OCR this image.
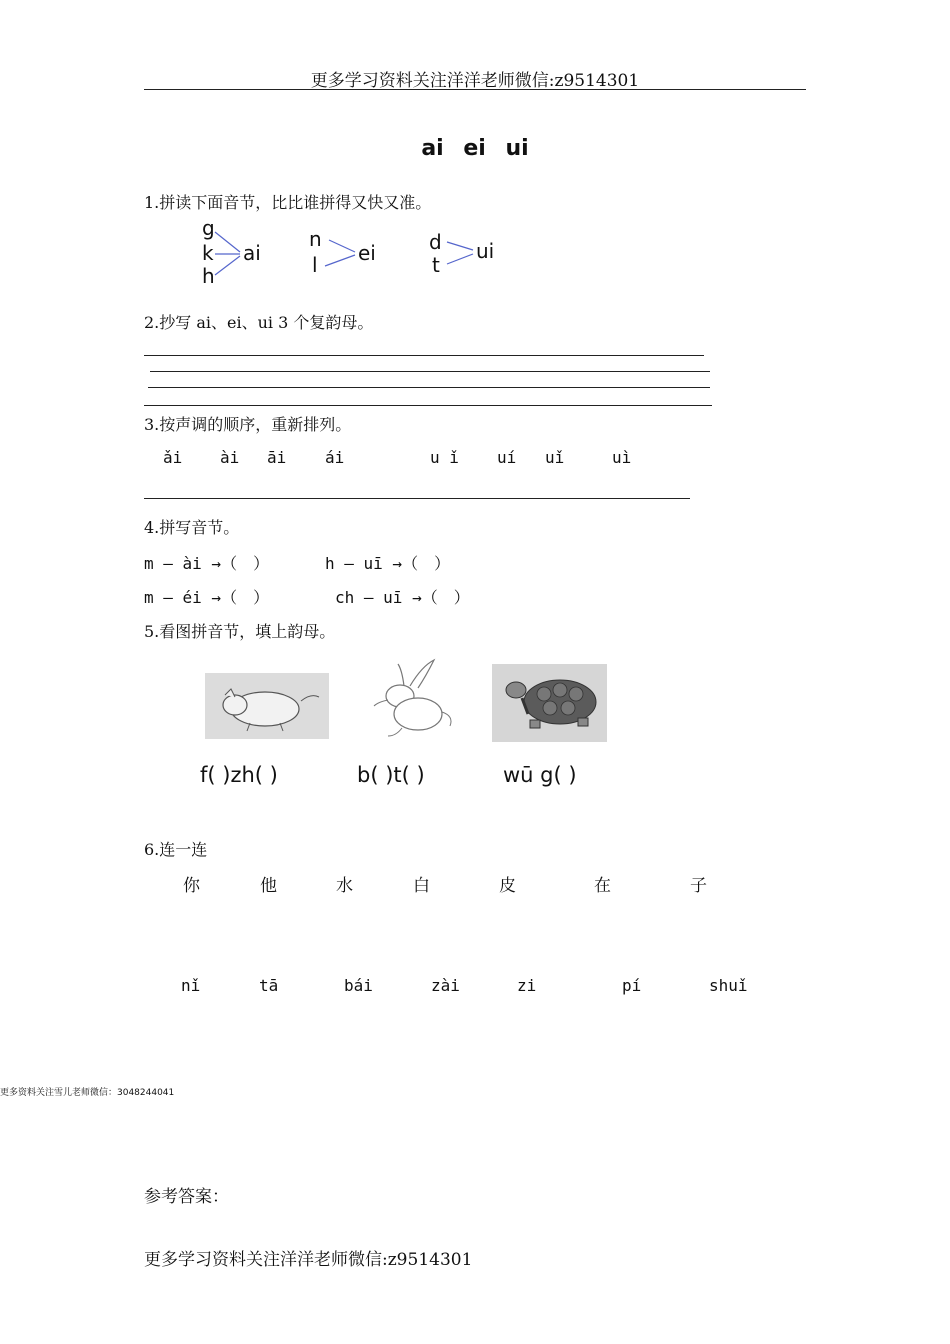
更多学习资料关注洋洋老师微信:z9514301
ai ei ui
1.拼读下面音节，比比谁拼得又快又准。
g
k
h
ai
n
l ei	d
t
ui
2.抄写 ai、ei、ui 3 个复韵母。
3.按声调的顺序，重新排列。
ǎi ài āi ái	u ǐ uí uǐ	uì
4.拼写音节。
m — ài →（　）	h — uī →（　）
m — éi →（　）	ch — uī →（　）
5.看图拼音节，填上韵母。
f( )zh( )	b( )t( )	wū g( )
6.连一连
你	他	水	白	皮	在	子
nǐ	tā	bái	zài	zi	pí	shuǐ
更多资料关注雪儿老师微信：3048244041
参考答案：
更多学习资料关注洋洋老师微信:z9514301
